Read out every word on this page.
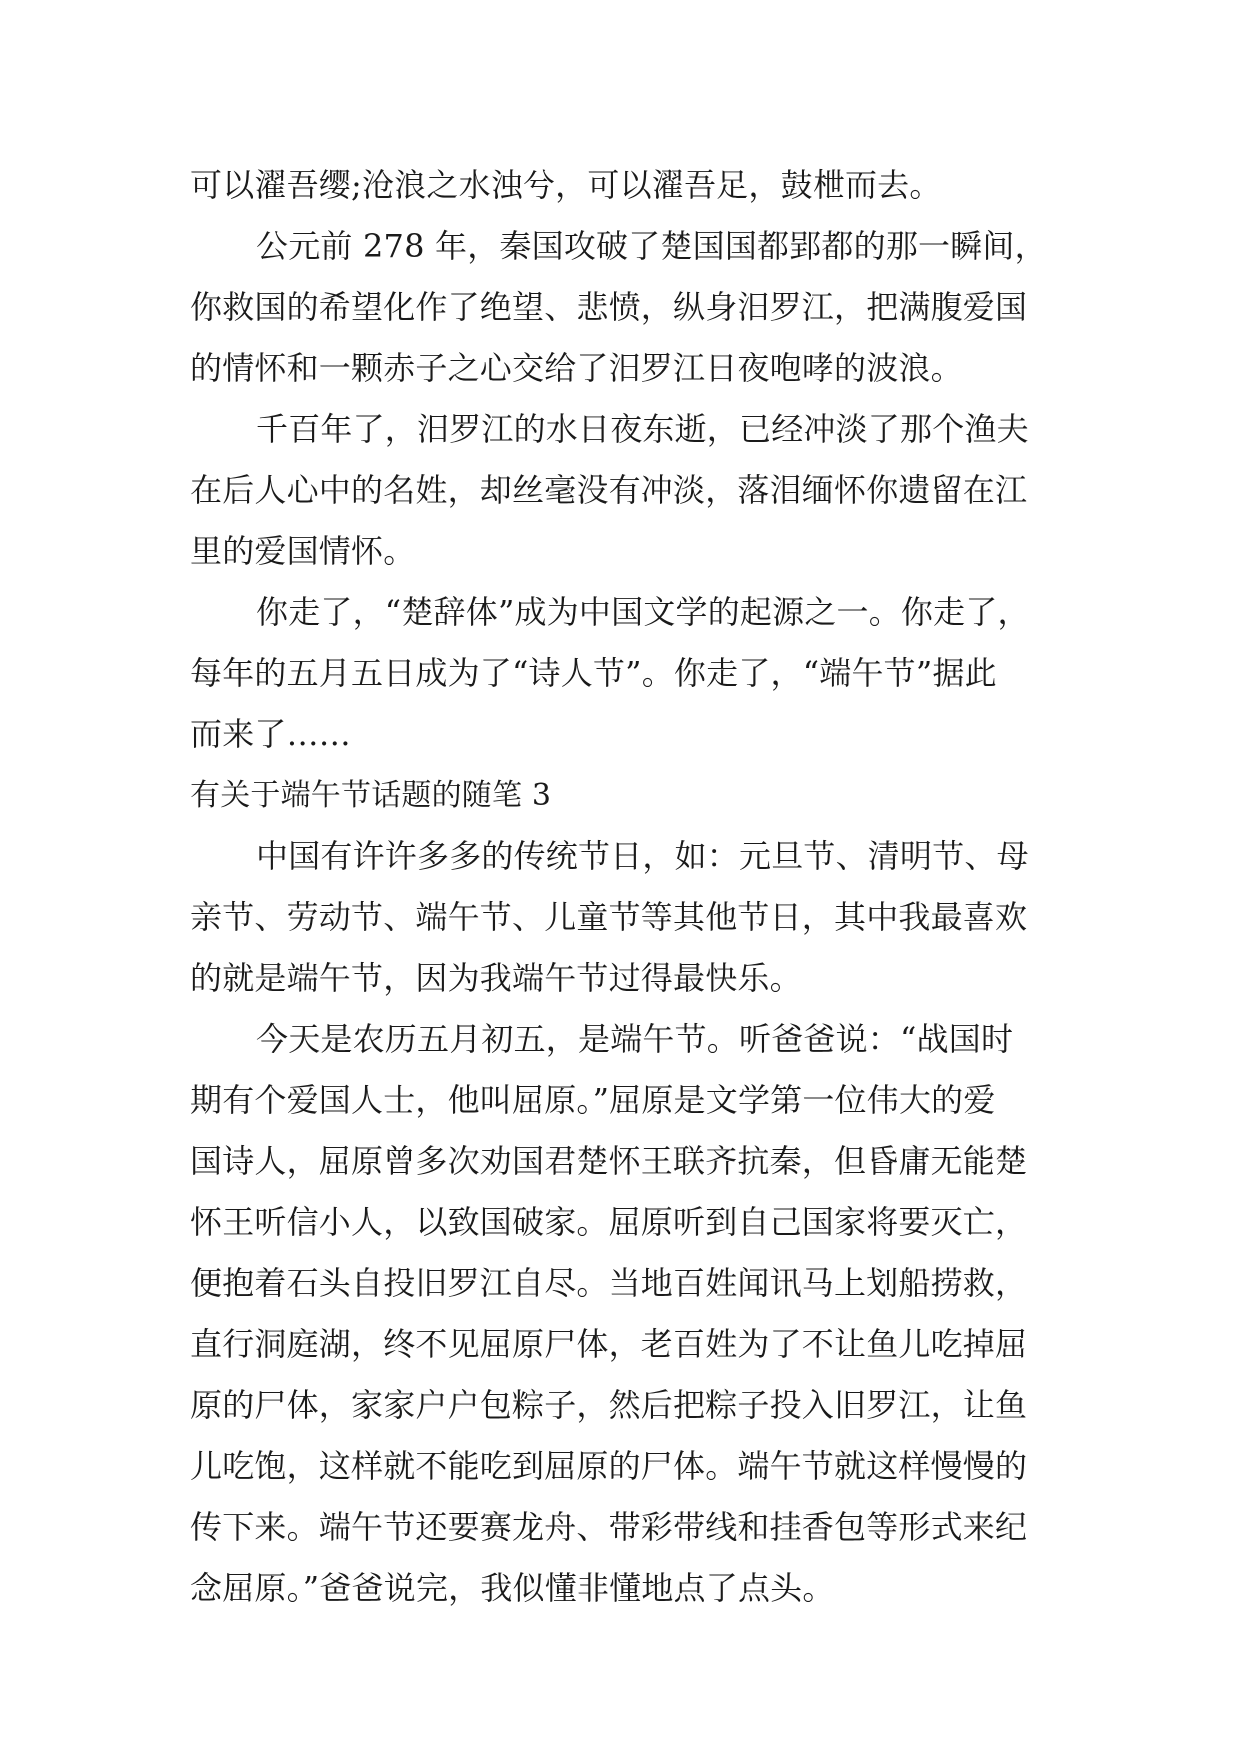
可以濯吾缨;沧浪之水浊兮，可以濯吾足，鼓枻而去。
公元前 278 年，秦国攻破了楚国国都郢都的那一瞬间，
你救国的希望化作了绝望、悲愤，纵身汨罗江，把满腹爱国
的情怀和一颗赤子之心交给了汨罗江日夜咆哮的波浪。
千百年了，汨罗江的水日夜东逝，已经冲淡了那个渔夫
在后人心中的名姓，却丝毫没有冲淡，落泪缅怀你遗留在江
里的爱国情怀。
你走了，“楚辞体”成为中国文学的起源之一。你走了，
每年的五月五日成为了“诗人节”。你走了，“端午节”据此
而来了……
有关于端午节话题的随笔 3
中国有许许多多的传统节日，如：元旦节、清明节、母
亲节、劳动节、端午节、儿童节等其他节日，其中我最喜欢
的就是端午节，因为我端午节过得最快乐。
今天是农历五月初五，是端午节。听爸爸说：“战国时
期有个爱国人士，他叫屈原。”屈原是文学第一位伟大的爱
国诗人，屈原曾多次劝国君楚怀王联齐抗秦，但昏庸无能楚
怀王听信小人，以致国破家。屈原听到自己国家将要灭亡，
便抱着石头自投旧罗江自尽。当地百姓闻讯马上划船捞救，
直行洞庭湖，终不见屈原尸体，老百姓为了不让鱼儿吃掉屈
原的尸体，家家户户包粽子，然后把粽子投入旧罗江，让鱼
儿吃饱，这样就不能吃到屈原的尸体。端午节就这样慢慢的
传下来。端午节还要赛龙舟、带彩带线和挂香包等形式来纪
念屈原。”爸爸说完，我似懂非懂地点了点头。
